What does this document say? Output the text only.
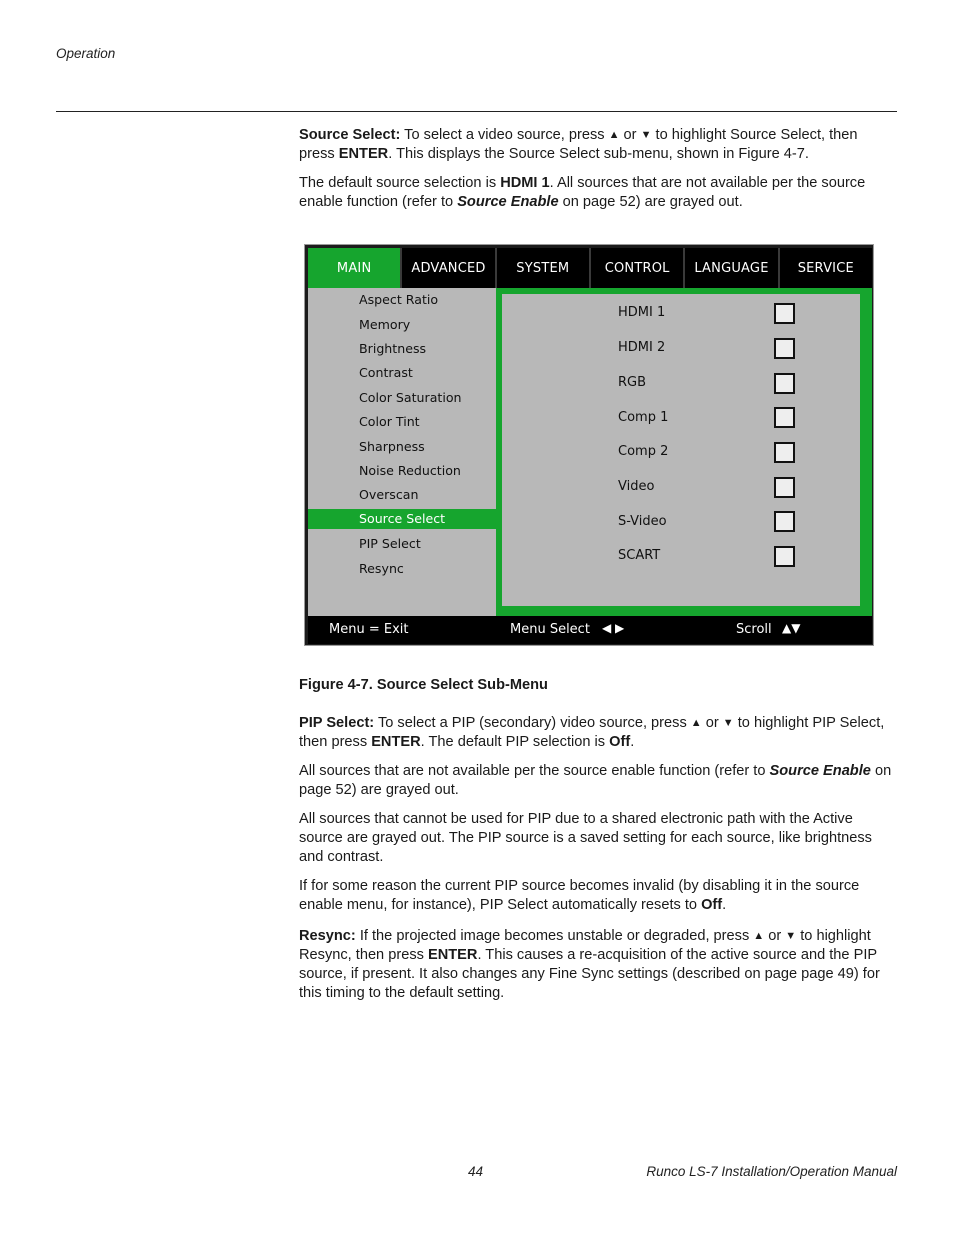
Operation

Source Select: To select a video source, press ▲ or ▼ to highlight Source Select, then press ENTER. This displays the Source Select sub-menu, shown in Figure 4-7.

The default source selection is HDMI 1. All sources that are not available per the source enable function (refer to Source Enable on page 52) are grayed out.

MAIN	ADVANCED	SYSTEM	CONTROL	LANGUAGE	SERVICE
Aspect Ratio
Memory
Brightness
Contrast
Color Saturation
Color Tint
Sharpness
Noise Reduction
Overscan
Source Select
PIP Select
Resync
HDMI 1
HDMI 2
RGB
Comp 1
Comp 2
Video
S-Video
SCART
Menu = Exit	Menu Select ◀ ▶	Scroll ▲▼
Figure 4-7. Source Select Sub-Menu

PIP Select: To select a PIP (secondary) video source, press ▲ or ▼ to highlight PIP Select, then press ENTER. The default PIP selection is Off.

All sources that are not available per the source enable function (refer to Source Enable on page 52) are grayed out.

All sources that cannot be used for PIP due to a shared electronic path with the Active source are grayed out. The PIP source is a saved setting for each source, like brightness and contrast.

If for some reason the current PIP source becomes invalid (by disabling it in the source enable menu, for instance), PIP Select automatically resets to Off.

Resync: If the projected image becomes unstable or degraded, press ▲ or ▼ to highlight Resync, then press ENTER. This causes a re-acquisition of the active source and the PIP source, if present. It also changes any Fine Sync settings (described on page page 49) for this timing to the default setting.

44	Runco LS-7 Installation/Operation Manual
